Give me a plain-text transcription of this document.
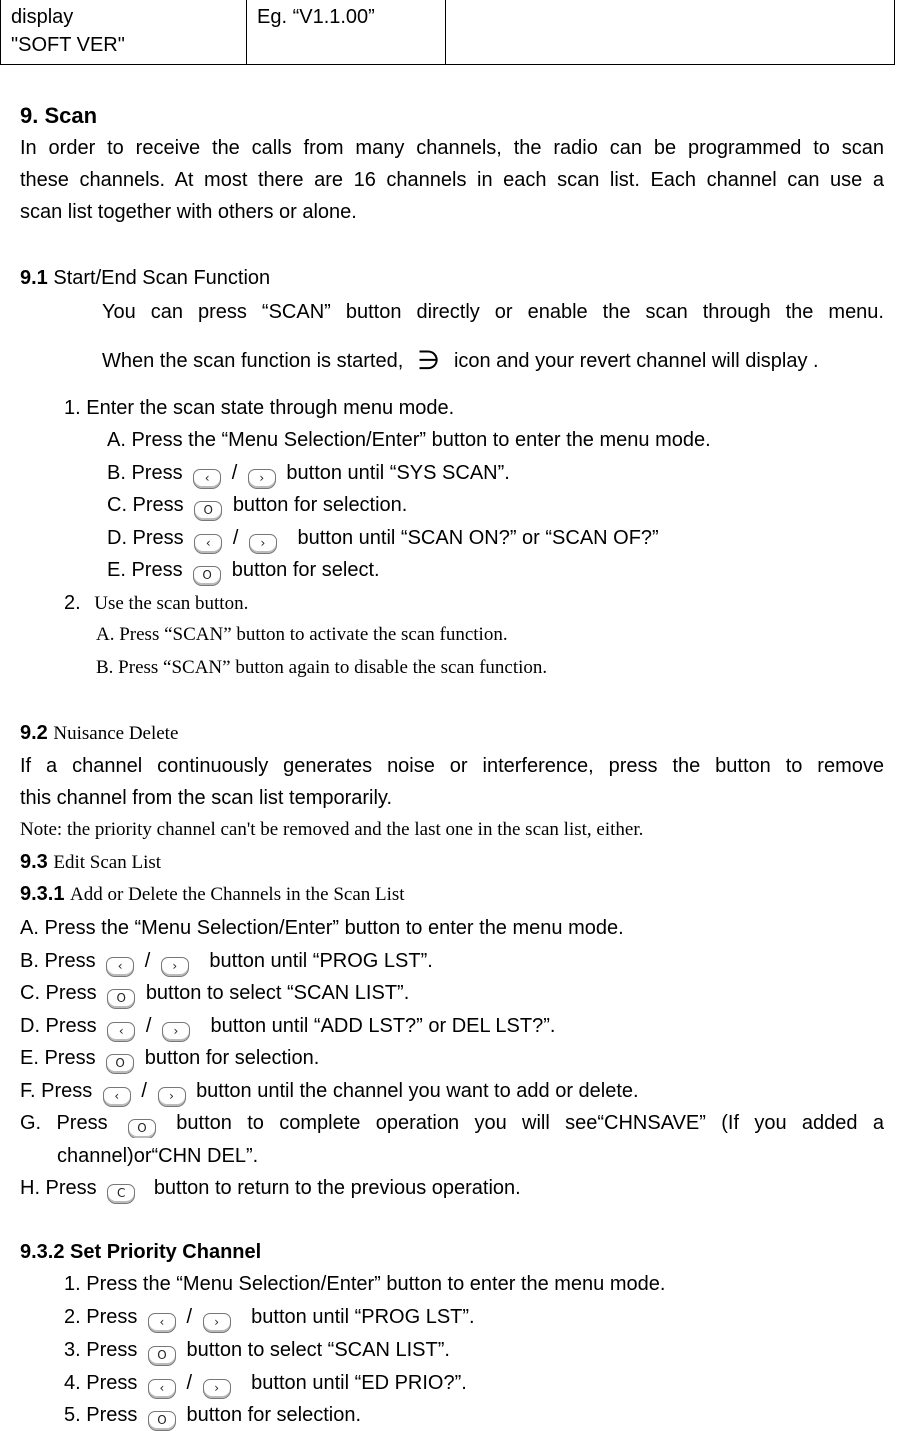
display
"SOFT VER"
	Eg. “V1.1.00”	
9. Scan
In order to receive the calls from many channels, the radio can be programmed to scan
these channels. At most there are 16 channels in each scan list. Each channel can use a
scan list together with others or alone.
9.1 Start/End Scan Function
You can press “SCAN” button directly or enable the scan through the menu.
When the scan function is started, ∋ icon and your revert channel will display .
1. Enter the scan state through menu mode.
A. Press the “Menu Selection/Enter” button to enter the menu mode.
B. Press ‹ / › button until “SYS SCAN”.
C. Press O button for selection.
D. Press ‹ / › button until “SCAN ON?” or “SCAN OF?”
E. Press O button for select.
2. Use the scan button.
A. Press “SCAN” button to activate the scan function.
B. Press “SCAN” button again to disable the scan function.
9.2 Nuisance Delete
If a channel continuously generates noise or interference, press the button to remove
this channel from the scan list temporarily.
Note: the priority channel can't be removed and the last one in the scan list, either.
9.3 Edit Scan List
9.3.1 Add or Delete the Channels in the Scan List
A. Press the “Menu Selection/Enter” button to enter the menu mode.
B. Press ‹ / › button until “PROG LST”.
C. Press O button to select “SCAN LIST”.
D. Press ‹ / › button until “ADD LST?” or DEL LST?”.
E. Press O button for selection.
F. Press ‹ / › button until the channel you want to add or delete.
G. Press O button to complete operation you will see“CHNSAVE” (If you added a
channel)or“CHN DEL”.
H. Press C button to return to the previous operation.
9.3.2 Set Priority Channel
1. Press the “Menu Selection/Enter” button to enter the menu mode.
2. Press ‹ / › button until “PROG LST”.
3. Press O button to select “SCAN LIST”.
4. Press ‹ / › button until “ED PRIO?”.
5. Press O button for selection.
